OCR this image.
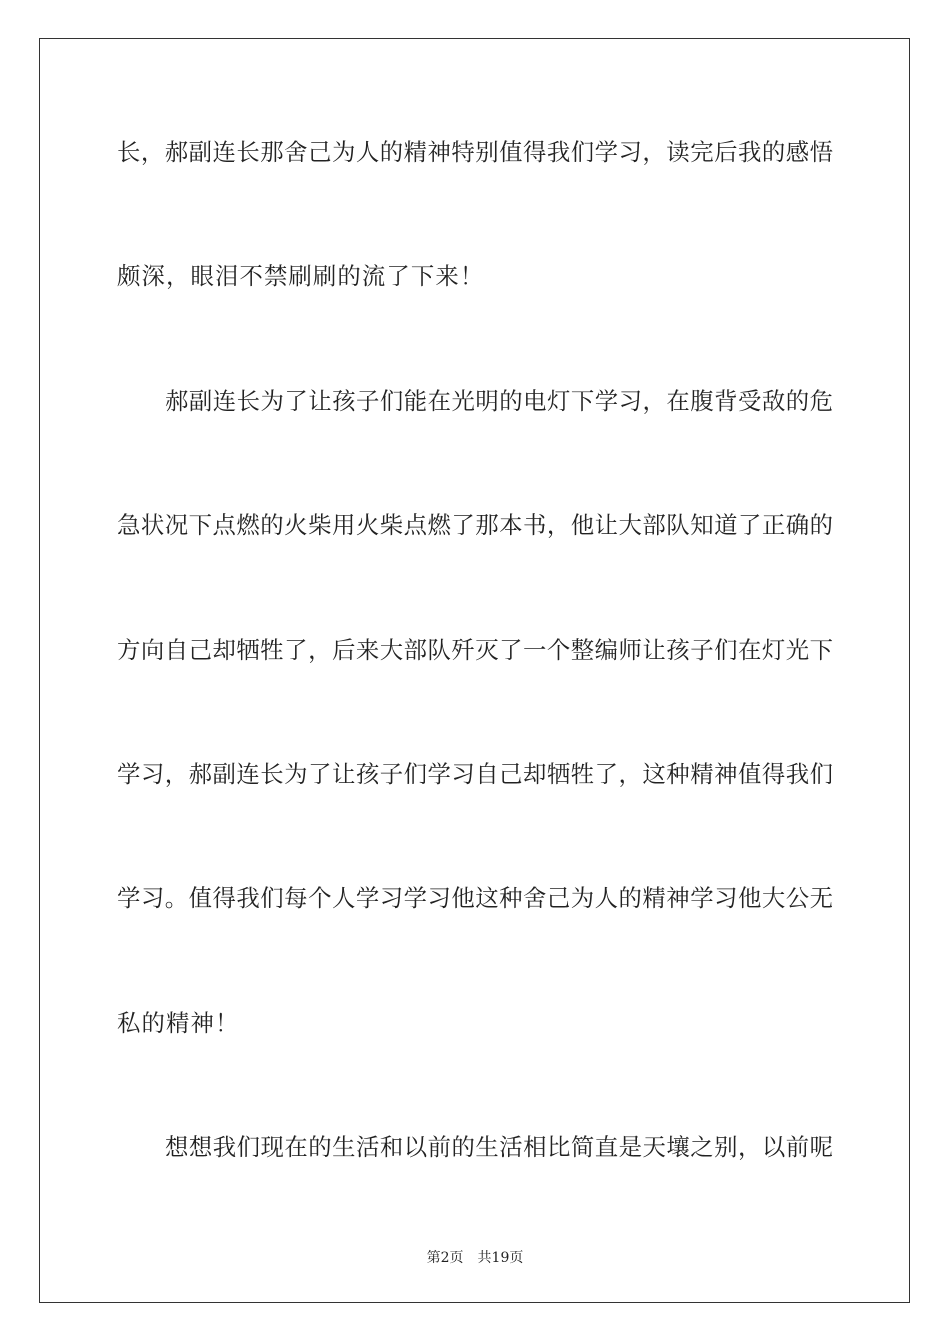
长，郝副连长那舍己为人的精神特别值得我们学习，读完后我的感悟
颇深，眼泪不禁刷刷的流了下来！
郝副连长为了让孩子们能在光明的电灯下学习，在腹背受敌的危
急状况下点燃的火柴用火柴点燃了那本书，他让大部队知道了正确的
方向自己却牺牲了，后来大部队歼灭了一个整编师让孩子们在灯光下
学习，郝副连长为了让孩子们学习自己却牺牲了，这种精神值得我们
学习。值得我们每个人学习学习他这种舍己为人的精神学习他大公无
私的精神！
想想我们现在的生活和以前的生活相比简直是天壤之别，以前呢
第2页 共19页
